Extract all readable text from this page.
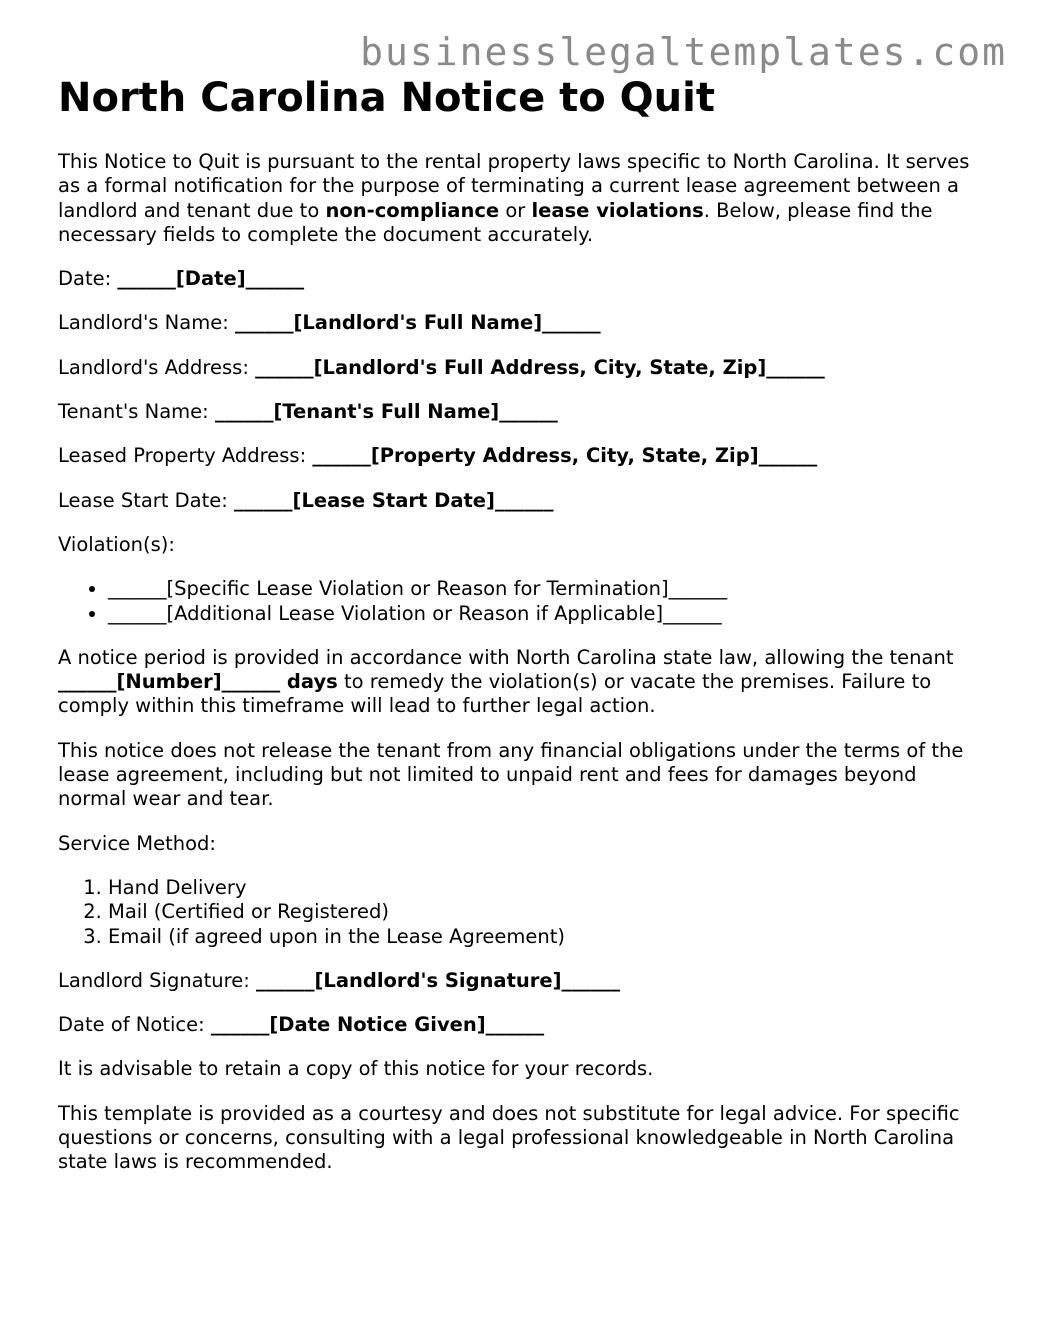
businesslegaltemplates.com
North Carolina Notice to Quit

This Notice to Quit is pursuant to the rental property laws specific to North Carolina. It serves as a formal notification for the purpose of terminating a current lease agreement between a landlord and tenant due to non-compliance or lease violations. Below, please find the necessary fields to complete the document accurately.

Date: ______[Date]______

Landlord's Name: ______[Landlord's Full Name]______

Landlord's Address: ______[Landlord's Full Address, City, State, Zip]______

Tenant's Name: ______[Tenant's Full Name]______

Leased Property Address: ______[Property Address, City, State, Zip]______

Lease Start Date: ______[Lease Start Date]______

Violation(s):

• ______[Specific Lease Violation or Reason for Termination]______
• ______[Additional Lease Violation or Reason if Applicable]______

A notice period is provided in accordance with North Carolina state law, allowing the tenant ______[Number]______ days to remedy the violation(s) or vacate the premises. Failure to comply within this timeframe will lead to further legal action.

This notice does not release the tenant from any financial obligations under the terms of the lease agreement, including but not limited to unpaid rent and fees for damages beyond normal wear and tear.

Service Method:

1. Hand Delivery
2. Mail (Certified or Registered)
3. Email (if agreed upon in the Lease Agreement)

Landlord Signature: ______[Landlord's Signature]______

Date of Notice: ______[Date Notice Given]______

It is advisable to retain a copy of this notice for your records.

This template is provided as a courtesy and does not substitute for legal advice. For specific questions or concerns, consulting with a legal professional knowledgeable in North Carolina state laws is recommended.
